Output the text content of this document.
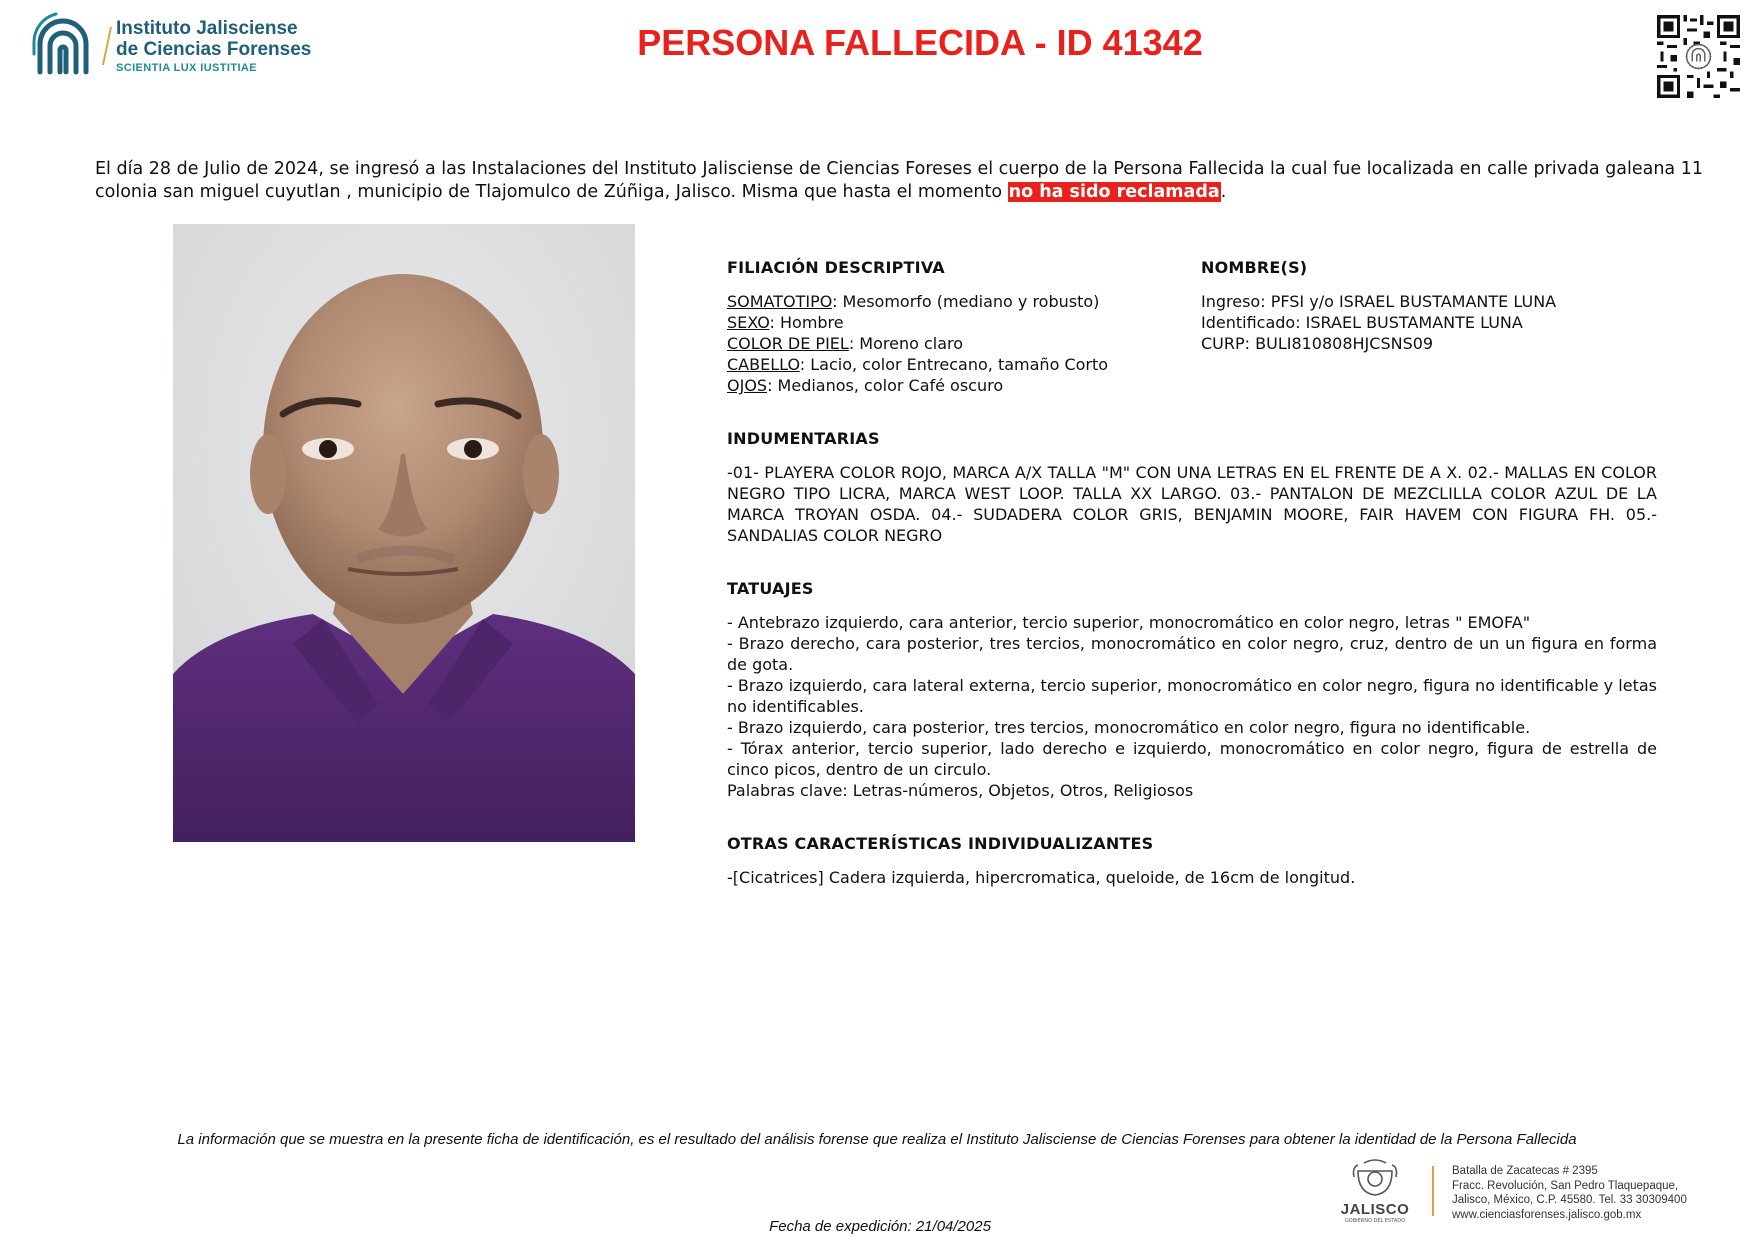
Instituto Jalisciense
de Ciencias Forenses
SCIENTIA LUX IUSTITIAE
PERSONA FALLECIDA - ID 41342
El día 28 de Julio de 2024, se ingresó a las Instalaciones del Instituto Jalisciense de Ciencias Foreses el cuerpo de la Persona Fallecida la cual fue localizada en calle privada galeana 11 colonia san miguel cuyutlan , municipio de Tlajomulco de Zúñiga, Jalisco. Misma que hasta el momento no ha sido reclamada.
FILIACIÓN DESCRIPTIVA
SOMATOTIPO: Mesomorfo (mediano y robusto)
SEXO: Hombre
COLOR DE PIEL: Moreno claro
CABELLO: Lacio, color Entrecano, tamaño Corto
OJOS: Medianos, color Café oscuro
NOMBRE(S)
Ingreso: PFSI y/o ISRAEL BUSTAMANTE LUNA
Identificado: ISRAEL BUSTAMANTE LUNA
CURP: BULI810808HJCSNS09
INDUMENTARIAS
-01- PLAYERA COLOR ROJO, MARCA A/X TALLA "M" CON UNA LETRAS EN EL FRENTE DE A X. 02.- MALLAS EN COLOR NEGRO TIPO LICRA, MARCA WEST LOOP. TALLA XX LARGO. 03.- PANTALON DE MEZCLILLA COLOR AZUL DE LA MARCA TROYAN OSDA. 04.- SUDADERA COLOR GRIS, BENJAMIN MOORE, FAIR HAVEM CON FIGURA FH. 05.- SANDALIAS COLOR NEGRO
TATUAJES
- Antebrazo izquierdo, cara anterior, tercio superior, monocromático en color negro, letras " EMOFA"
- Brazo derecho, cara posterior, tres tercios, monocromático en color negro, cruz, dentro de un un figura en forma de gota.
- Brazo izquierdo, cara lateral externa, tercio superior, monocromático en color negro, figura no identificable y letas no identificables.
- Brazo izquierdo, cara posterior, tres tercios, monocromático en color negro, figura no identificable.
- Tórax anterior, tercio superior, lado derecho e izquierdo, monocromático en color negro, figura de estrella de cinco picos, dentro de un circulo.
Palabras clave: Letras-números, Objetos, Otros, Religiosos
OTRAS CARACTERÍSTICAS INDIVIDUALIZANTES
-[Cicatrices] Cadera izquierda, hipercromatica, queloide, de 16cm de longitud.
La información que se muestra en la presente ficha de identificación, es el resultado del análisis forense que realiza el Instituto Jalisciense de Ciencias Forenses para obtener la identidad de la Persona Fallecida
JALISCO
GOBIERNO DEL ESTADO
Batalla de Zacatecas # 2395
Fracc. Revolución, San Pedro Tlaquepaque,
Jalisco, México, C.P. 45580. Tel. 33 30309400
www.cienciasforenses.jalisco.gob.mx
Fecha de expedición: 21/04/2025
